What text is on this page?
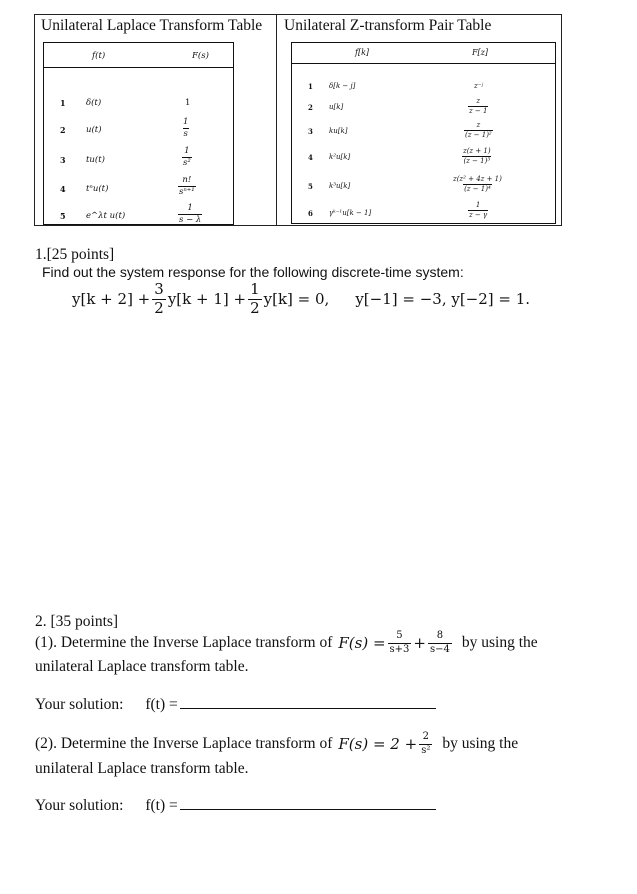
Unilateral Laplace Transform Table Unilateral Z-transform Pair Table
f(t)	F(s)
1 δ(t)	1
2 u(t)	$\frac{1}{s}$
3 tu(t)	$\frac{1}{\text{s²}}$
4 tⁿu(t)	$\frac{n!}{\text{sⁿ⁺¹}}$
5 e^λt u(t)	$\frac{1}{s - \lambda}$
f[k]	F[z]
1 δ[k − j]	z⁻ʲ
2 u[k]	$\frac{z}{z - 1}$
3 ku[k]	$\frac{z}{\text{(z − 1)²}}$
4 k²u[k]	$\frac{z(z + 1)}{\text{(z − 1)³}}$
5 k³u[k]	$\frac{\text{z(z² + 4z + 1)}}{\text{(z − 1)⁴}}$
6 γᵏ⁻¹u[k − 1]	$\frac{1}{z - \gamma}$
1.[25 points]
Find out the system response for the following discrete-time system:
$y[k + 2] + \frac{3}{2} y[k + 1] + \frac{1}{2} y[k] = 0$, y[−1] = −3, y[−2] = 1.
2. [35 points]
(1). Determine the Inverse Laplace transform of $F(s) = \frac{5}{s+3} + \frac{8}{s-4}$ by using the
unilateral Laplace transform table.
Your solution: f(t) =
(2). Determine the Inverse Laplace transform of $F(s) = 2 + \frac{2}{\text{s²}}$ by using the
unilateral Laplace transform table.
Your solution: f(t) =
